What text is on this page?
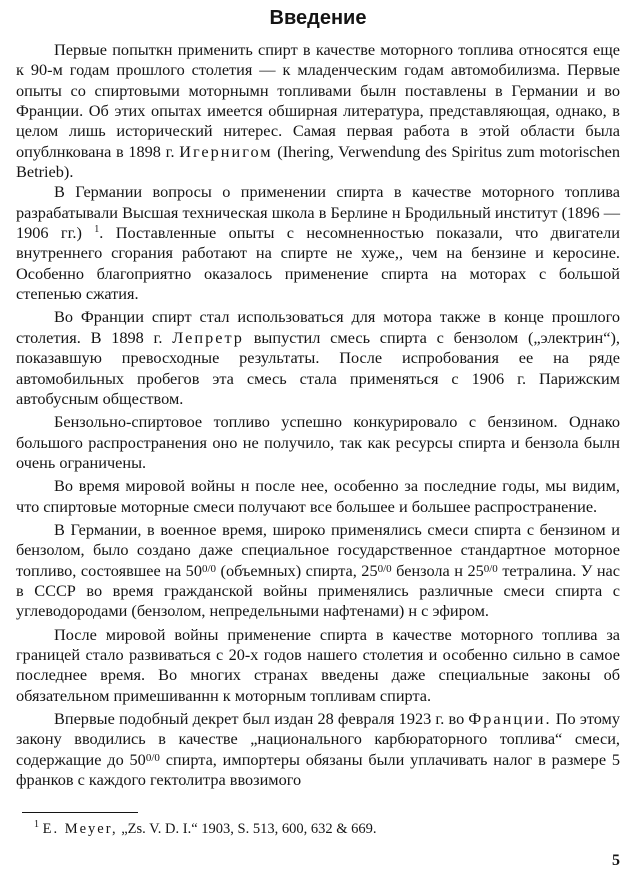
Введение

Первые попыткн применить спирт в качестве моторного топлива относятся еще к 90-м годам прошлого столетия — к младенческим годам автомобилизма. Первые опыты со спиртовыми моторнымн топливами былн поставлены в Германии и во Франции. Об этих опытах имеется обширная литература, представляющая, однако, в целом лишь исторический нитерес. Самая первая работа в этой области была опублнкована в 1898 г. Игернигом (Ihering, Verwendung des Spiritus zum motorischen Betrieb).

В Германии вопросы о применении спирта в качестве моторного топлива разрабатывали Высшая техническая школа в Берлине н Бродильный институт (1896 — 1906 гг.) $^1$. Поставленные опыты с несомненностью показали, что двигатели внутреннего сгорания работают на спирте не хуже,, чем на бензине и керосине. Особенно благоприятно оказалось применение спирта на моторах с большой степенью сжатия.

Во Франции спирт стал использоваться для мотора также в конце прошлого столетия. В 1898 г. Лепретр выпустил смесь спирта с бензолом („электрин“), показавшую превосходные результаты. После испробования ее на ряде автомобильных пробегов эта смесь стала применяться с 1906 г. Парижским автобусным обществом.

Бензольно-спиртовое топливо успешно конкурировало с бензином. Однако большого распространения оно не получило, так как ресурсы спирта и бензола былн очень ограничены.

Во время мировой войны н после нее, особенно за последние годы, мы видим, что спиртовые моторные смеси получают все большее и большее распространение.

В Германии, в военное время, широко применялись смеси спирта с бензином и бензолом, было создано даже специальное государственное стандартное моторное топливо, состоявшее на $50^{0/0}$ (объемных) спирта, $25^{0/0}$ бензола н $25^{0/0}$ тетралина. У нас в СССР во время гражданской войны применялись различные смеси спирта с углеводородами (бензолом, непредельными нафтенами) н с эфиром.

После мировой войны применение спирта в качестве моторного топлива за границей стало развиваться с 20-х годов нашего столетия и особенно сильно в самое последнее время. Во многих странах введены даже специальные законы об обязательном примешиваннн к моторным топливам спирта.

Впервые подобный декрет был издан 28 февраля 1923 г. во Франции. По этому закону вводились в качестве „национального карбюраторного топлива“ смеси, содержащие до $50^{0/0}$ спирта, импортеры обязаны были уплачивать налог в размере 5 франков с каждого гектолитра ввозимого

$^1$ E. Meyer, „Zs. V. D. I.“ 1903, S. 513, 600, 632 & 669.
5
